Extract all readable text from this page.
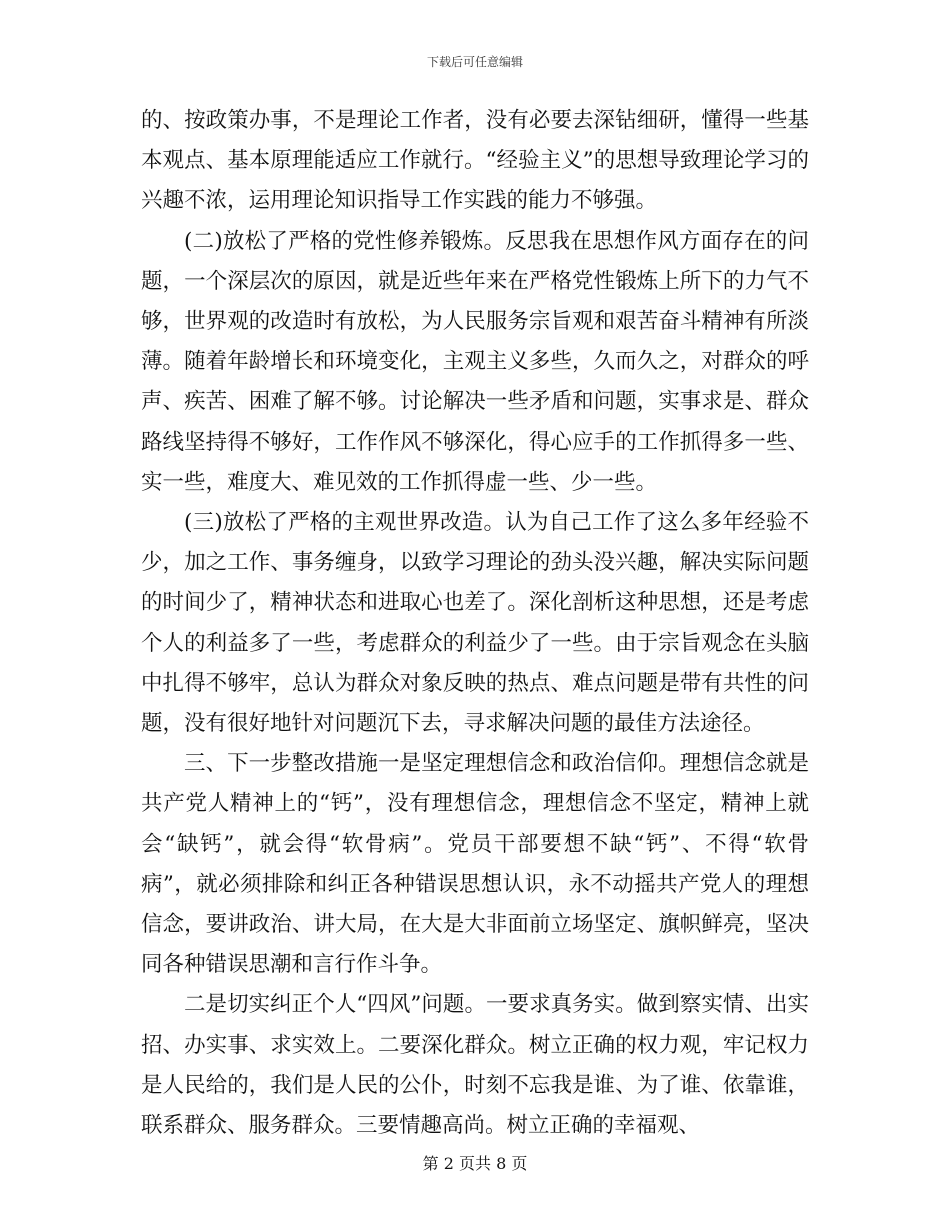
下载后可任意编辑

的、按政策办事，不是理论工作者，没有必要去深钻细研，懂得一些基本观点、基本原理能适应工作就行。“经验主义”的思想导致理论学习的兴趣不浓，运用理论知识指导工作实践的能力不够强。

(二)放松了严格的党性修养锻炼。反思我在思想作风方面存在的问题，一个深层次的原因，就是近些年来在严格党性锻炼上所下的力气不够，世界观的改造时有放松，为人民服务宗旨观和艰苦奋斗精神有所淡薄。随着年龄增长和环境变化，主观主义多些，久而久之，对群众的呼声、疾苦、困难了解不够。讨论解决一些矛盾和问题，实事求是、群众路线坚持得不够好，工作作风不够深化，得心应手的工作抓得多一些、实一些，难度大、难见效的工作抓得虚一些、少一些。

(三)放松了严格的主观世界改造。认为自己工作了这么多年经验不少，加之工作、事务缠身，以致学习理论的劲头没兴趣，解决实际问题的时间少了，精神状态和进取心也差了。深化剖析这种思想，还是考虑个人的利益多了一些，考虑群众的利益少了一些。由于宗旨观念在头脑中扎得不够牢，总认为群众对象反映的热点、难点问题是带有共性的问题，没有很好地针对问题沉下去，寻求解决问题的最佳方法途径。

三、下一步整改措施一是坚定理想信念和政治信仰。理想信念就是共产党人精神上的“钙”，没有理想信念，理想信念不坚定，精神上就会“缺钙”，就会得“软骨病”。党员干部要想不缺“钙”、不得“软骨病”，就必须排除和纠正各种错误思想认识，永不动摇共产党人的理想信念，要讲政治、讲大局，在大是大非面前立场坚定、旗帜鲜亮，坚决同各种错误思潮和言行作斗争。

二是切实纠正个人“四风”问题。一要求真务实。做到察实情、出实招、办实事、求实效上。二要深化群众。树立正确的权力观，牢记权力是人民给的，我们是人民的公仆，时刻不忘我是谁、为了谁、依靠谁，联系群众、服务群众。三要情趣高尚。树立正确的幸福观、

第 2 页共 8 页
